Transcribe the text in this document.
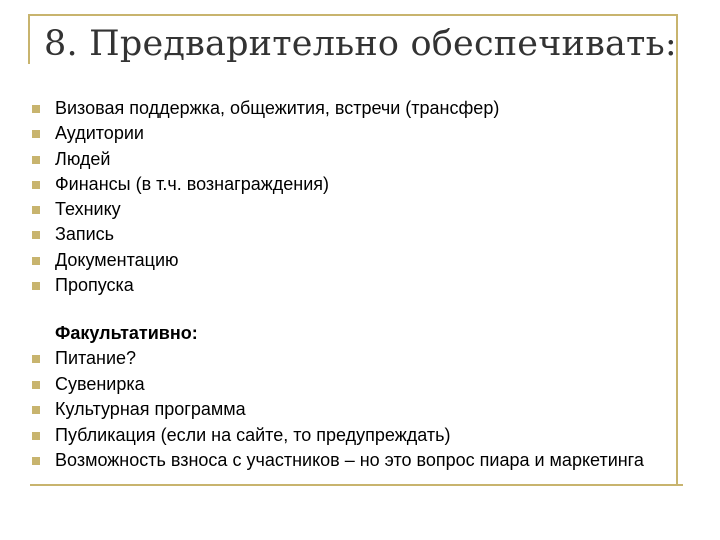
8. Предварительно обеспечивать:
Визовая поддержка, общежития, встречи (трансфер)
Аудитории
Людей
Финансы (в т.ч. вознаграждения)
Технику
Запись
Документацию
Пропуска
Факультативно:
Питание?
Сувенирка
Культурная программа
Публикация (если на сайте, то предупреждать)
Возможность взноса с участников – но это вопрос пиара и маркетинга
